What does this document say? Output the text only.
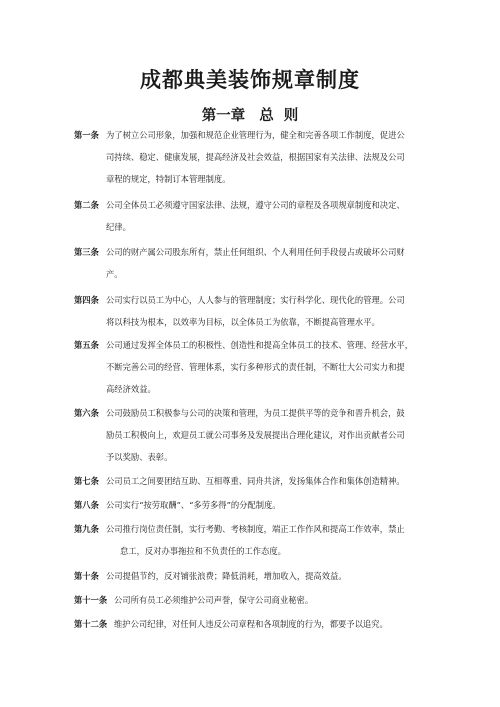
成都典美装饰规章制度
第一章 总  则
第一条 为了树立公司形象，加强和规范企业管理行为，健全和完善各项工作制度，促进公
司持续、稳定、健康发展，提高经济及社会效益，根据国家有关法律、法规及公司
章程的规定，特制订本管理制度。
第二条 公司全体员工必须遵守国家法律、法规，遵守公司的章程及各项规章制度和决定、
纪律。
第三条 公司的财产属公司股东所有，禁止任何组织、个人利用任何手段侵占或破坏公司财
产。
第四条 公司实行以员工为中心，人人参与的管理制度；实行科学化、现代化的管理。公司
将以科技为根本，以效率为目标，以全体员工为依靠，不断提高管理水平。
第五条 公司通过发挥全体员工的积极性、创造性和提高全体员工的技术、管理、经营水平，
不断完善公司的经营、管理体系，实行多种形式的责任制，不断壮大公司实力和提
高经济效益。
第六条 公司鼓励员工积极参与公司的决策和管理，为员工提供平等的竞争和晋升机会，鼓
励员工积极向上，欢迎员工就公司事务及发展提出合理化建议，对作出贡献者公司
予以奖励、表彰。
第七条 公司员工之间要团结互助、互相尊重、同舟共济，发扬集体合作和集体创造精神。
第八条 公司实行“按劳取酬”、“多劳多得”的分配制度。
第九条 公司推行岗位责任制，实行考勤、考核制度，端正工作作风和提高工作效率，禁止
怠工，反对办事拖拉和不负责任的工作态度。
第十条 公司提倡节约，反对铺张浪费；降低消耗，增加收入，提高效益。
第十一条 公司所有员工必须维护公司声誉，保守公司商业秘密。
第十二条 维护公司纪律，对任何人违反公司章程和各项制度的行为，都要予以追究。
